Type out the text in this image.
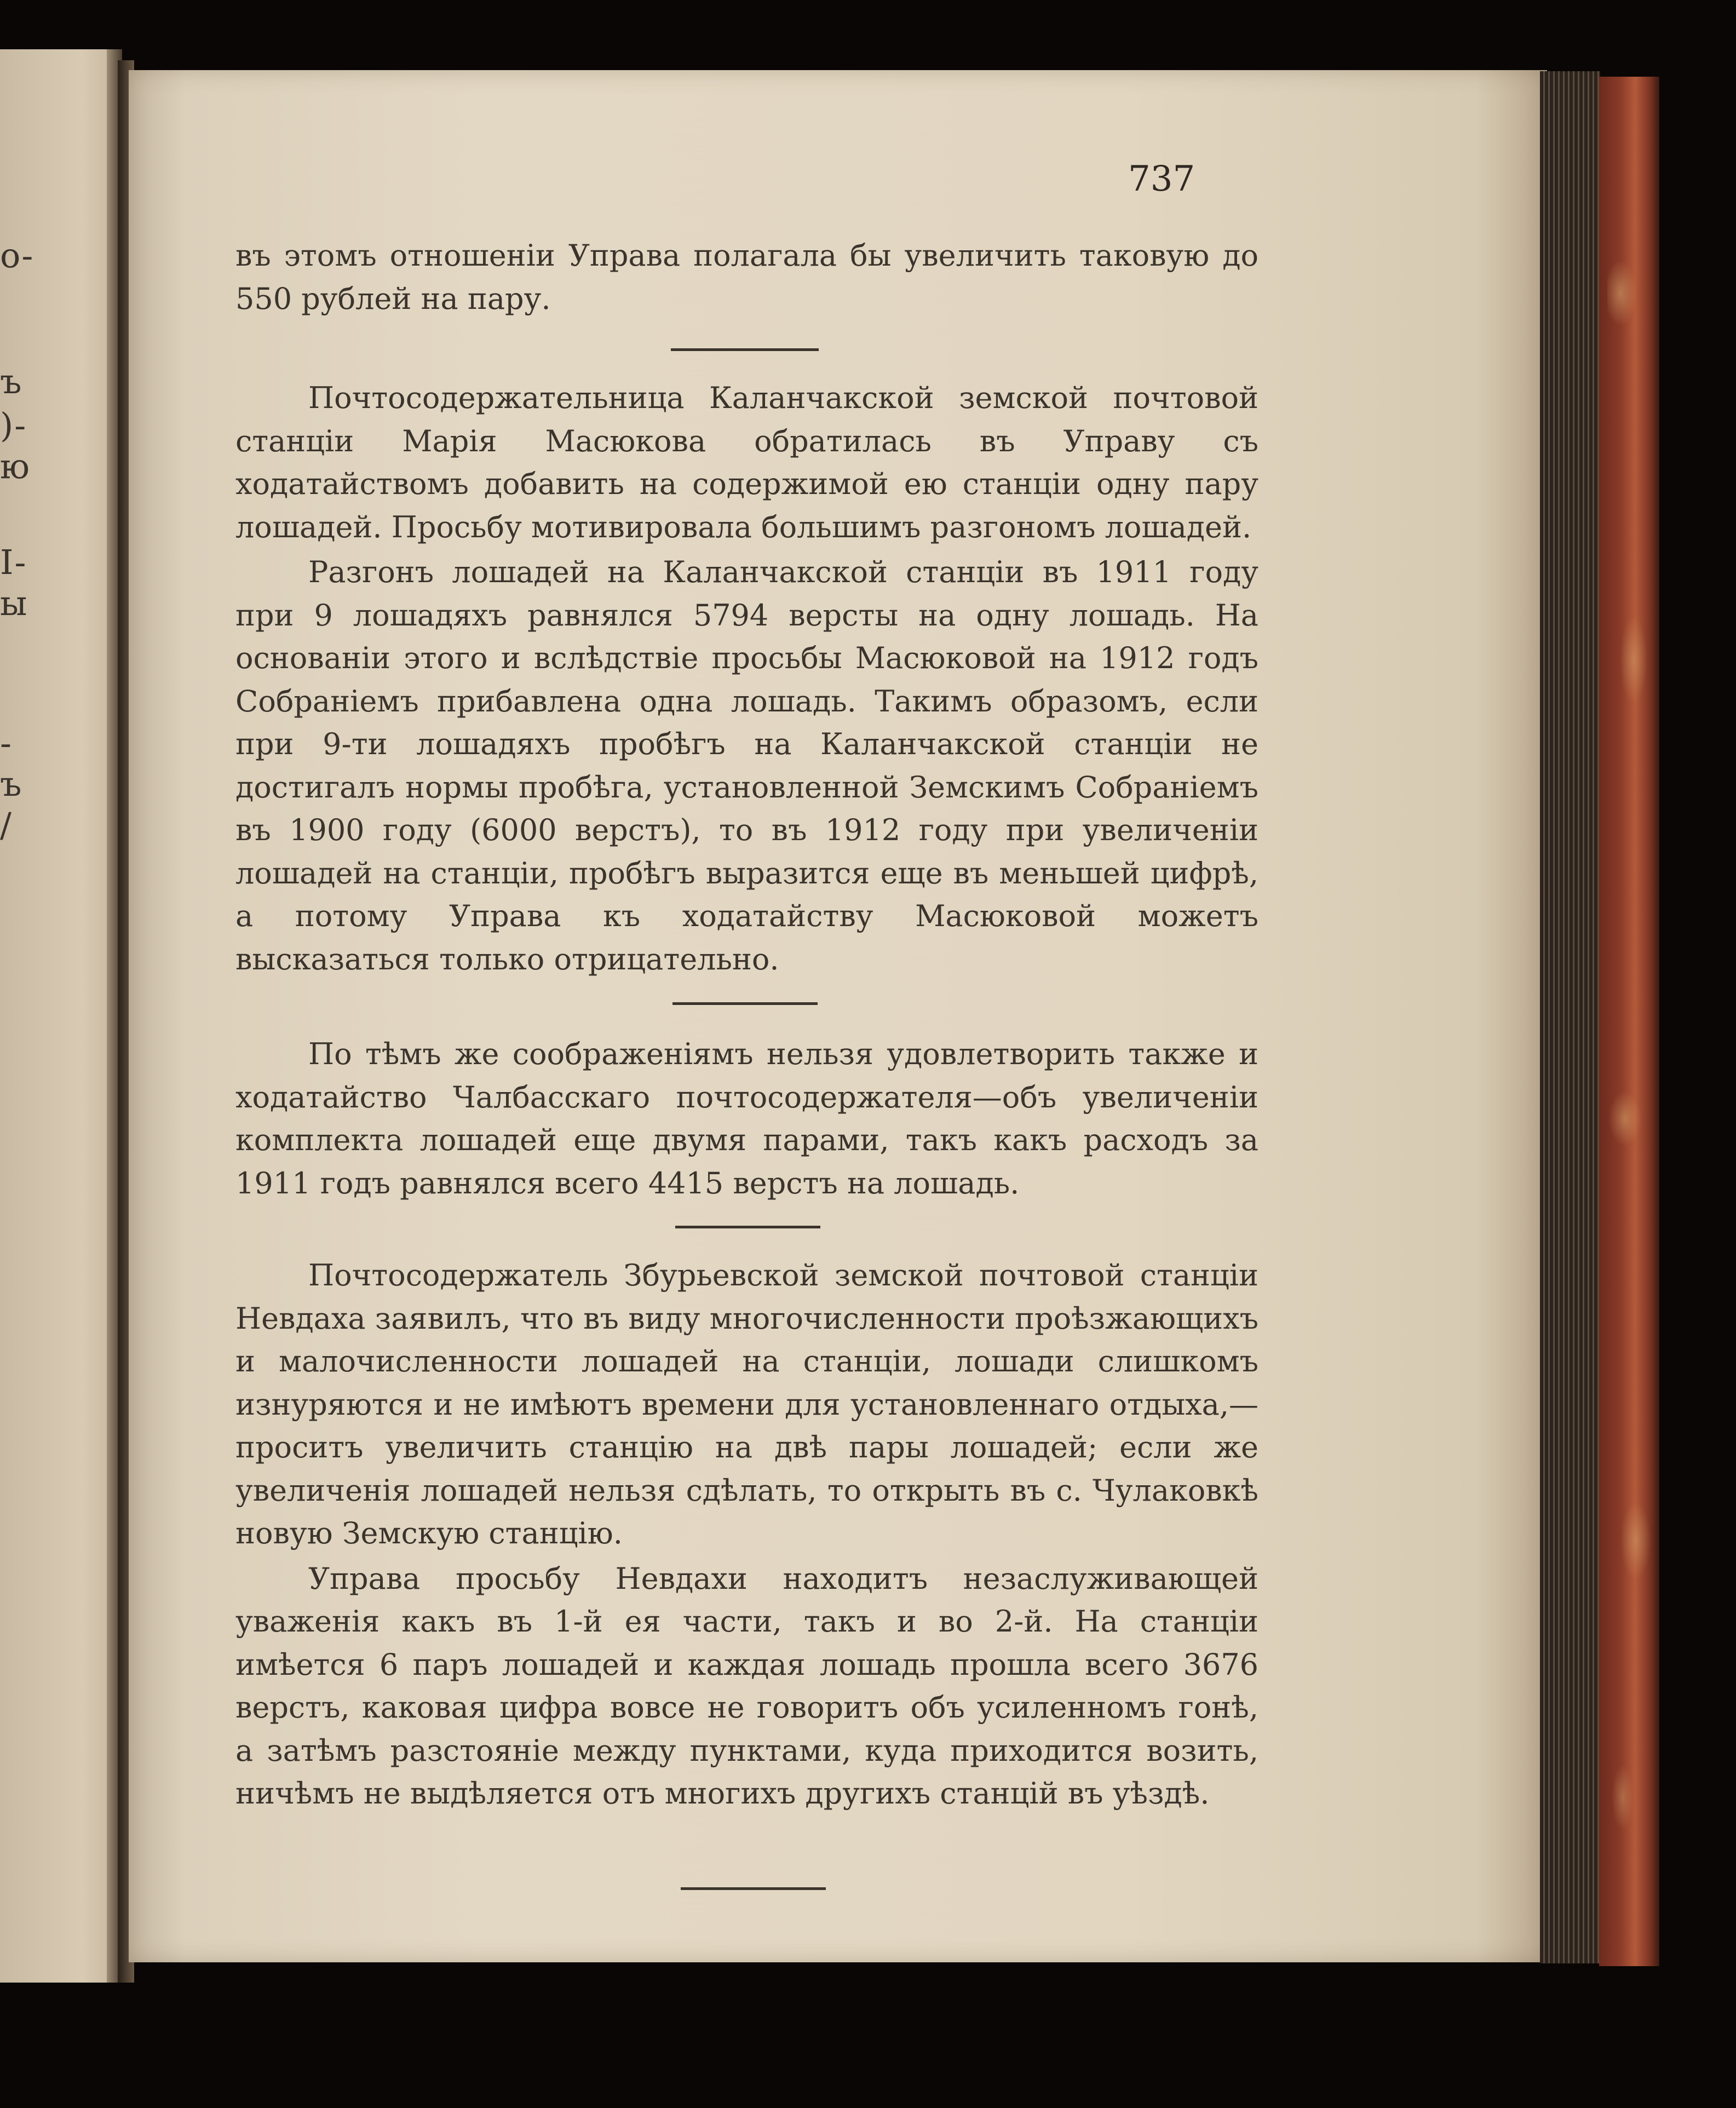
о-
ъ
)-
ю
I-
ы
-
ъ
/
737

въ этомъ отношеніи Управа полагала бы увеличить таковую до 550 рублей на пару.

Почтосодержательница Каланчакской земской почтовой станціи Марія Масюкова обратилась въ Управу съ ходатайствомъ добавить на содержимой ею станціи одну пару лошадей. Просьбу мотивировала большимъ разгономъ лошадей.

Разгонъ лошадей на Каланчакской станціи въ 1911 году при 9 лошадяхъ равнялся 5794 версты на одну лошадь. На основаніи этого и вслѣдствіе просьбы Масюковой на 1912 годъ Собраніемъ прибавлена одна лошадь. Такимъ образомъ, если при 9-ти лошадяхъ пробѣгъ на Каланчакской станціи не достигалъ нормы пробѣга, установленной Земскимъ Собраніемъ въ 1900 году (6000 верстъ), то въ 1912 году при увеличеніи лошадей на станціи, пробѣгъ выразится еще въ меньшей цифрѣ, а потому Управа къ ходатайству Масюковой можетъ высказаться только отрицательно.

По тѣмъ же соображеніямъ нельзя удовлетворить также и ходатайство Чалбасскаго почтосодержателя—объ увеличеніи комплекта лошадей еще двумя парами, такъ какъ расходъ за 1911 годъ равнялся всего 4415 верстъ на лошадь.

Почтосодержатель Збурьевской земской почтовой станціи Невдаха заявилъ, что въ виду многочисленности проѣзжающихъ и малочисленности лошадей на станціи, лошади слишкомъ изнуряются и не имѣютъ времени для установленнаго отдыха,—проситъ увеличить станцію на двѣ пары лошадей; если же увеличенія лошадей нельзя сдѣлать, то открыть въ с. Чулаковкѣ новую Земскую станцію.

Управа просьбу Невдахи находитъ незаслуживающей уваженія какъ въ 1-й ея части, такъ и во 2-й. На станціи имѣется 6 паръ лошадей и каждая лошадь прошла всего 3676 верстъ, каковая цифра вовсе не говоритъ объ усиленномъ гонѣ, а затѣмъ разстояніе между пунктами, куда приходится возить, ничѣмъ не выдѣляется отъ многихъ другихъ станцій въ уѣздѣ.
